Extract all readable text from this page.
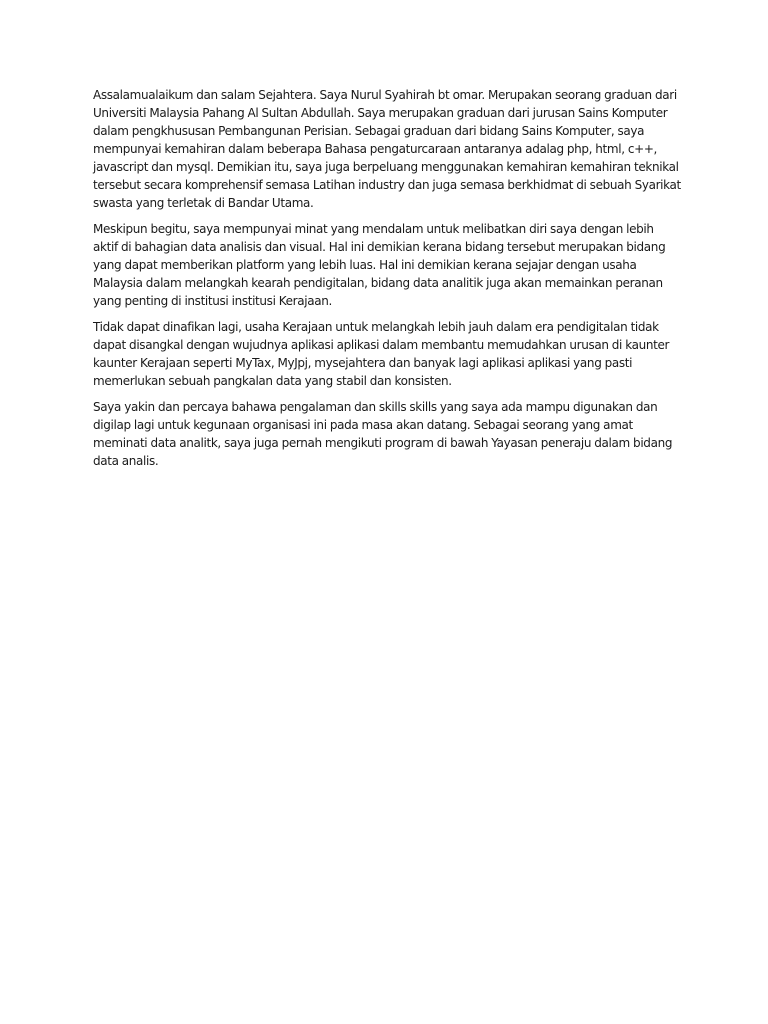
Assalamualaikum dan salam Sejahtera. Saya Nurul Syahirah bt omar. Merupakan seorang graduan dari Universiti Malaysia Pahang Al Sultan Abdullah. Saya merupakan graduan dari jurusan Sains Komputer dalam pengkhususan Pembangunan Perisian. Sebagai graduan dari bidang Sains Komputer, saya mempunyai kemahiran dalam beberapa Bahasa pengaturcaraan antaranya adalag php, html, c++, javascript dan mysql. Demikian itu, saya juga berpeluang menggunakan kemahiran kemahiran teknikal tersebut secara komprehensif semasa Latihan industry dan juga semasa berkhidmat di sebuah Syarikat swasta yang terletak di Bandar Utama.

Meskipun begitu, saya mempunyai minat yang mendalam untuk melibatkan diri saya dengan lebih aktif di bahagian data analisis dan visual. Hal ini demikian kerana bidang tersebut merupakan bidang yang dapat memberikan platform yang lebih luas. Hal ini demikian kerana sejajar dengan usaha Malaysia dalam melangkah kearah pendigitalan, bidang data analitik juga akan memainkan peranan yang penting di institusi institusi Kerajaan.

Tidak dapat dinafikan lagi, usaha Kerajaan untuk melangkah lebih jauh dalam era pendigitalan tidak dapat disangkal dengan wujudnya aplikasi aplikasi dalam membantu memudahkan urusan di kaunter kaunter Kerajaan seperti MyTax, MyJpj, mysejahtera dan banyak lagi aplikasi aplikasi yang pasti memerlukan sebuah pangkalan data yang stabil dan konsisten.

Saya yakin dan percaya bahawa pengalaman dan skills skills yang saya ada mampu digunakan dan digilap lagi untuk kegunaan organisasi ini pada masa akan datang. Sebagai seorang yang amat meminati data analitk, saya juga pernah mengikuti program di bawah Yayasan peneraju dalam bidang data analis.
